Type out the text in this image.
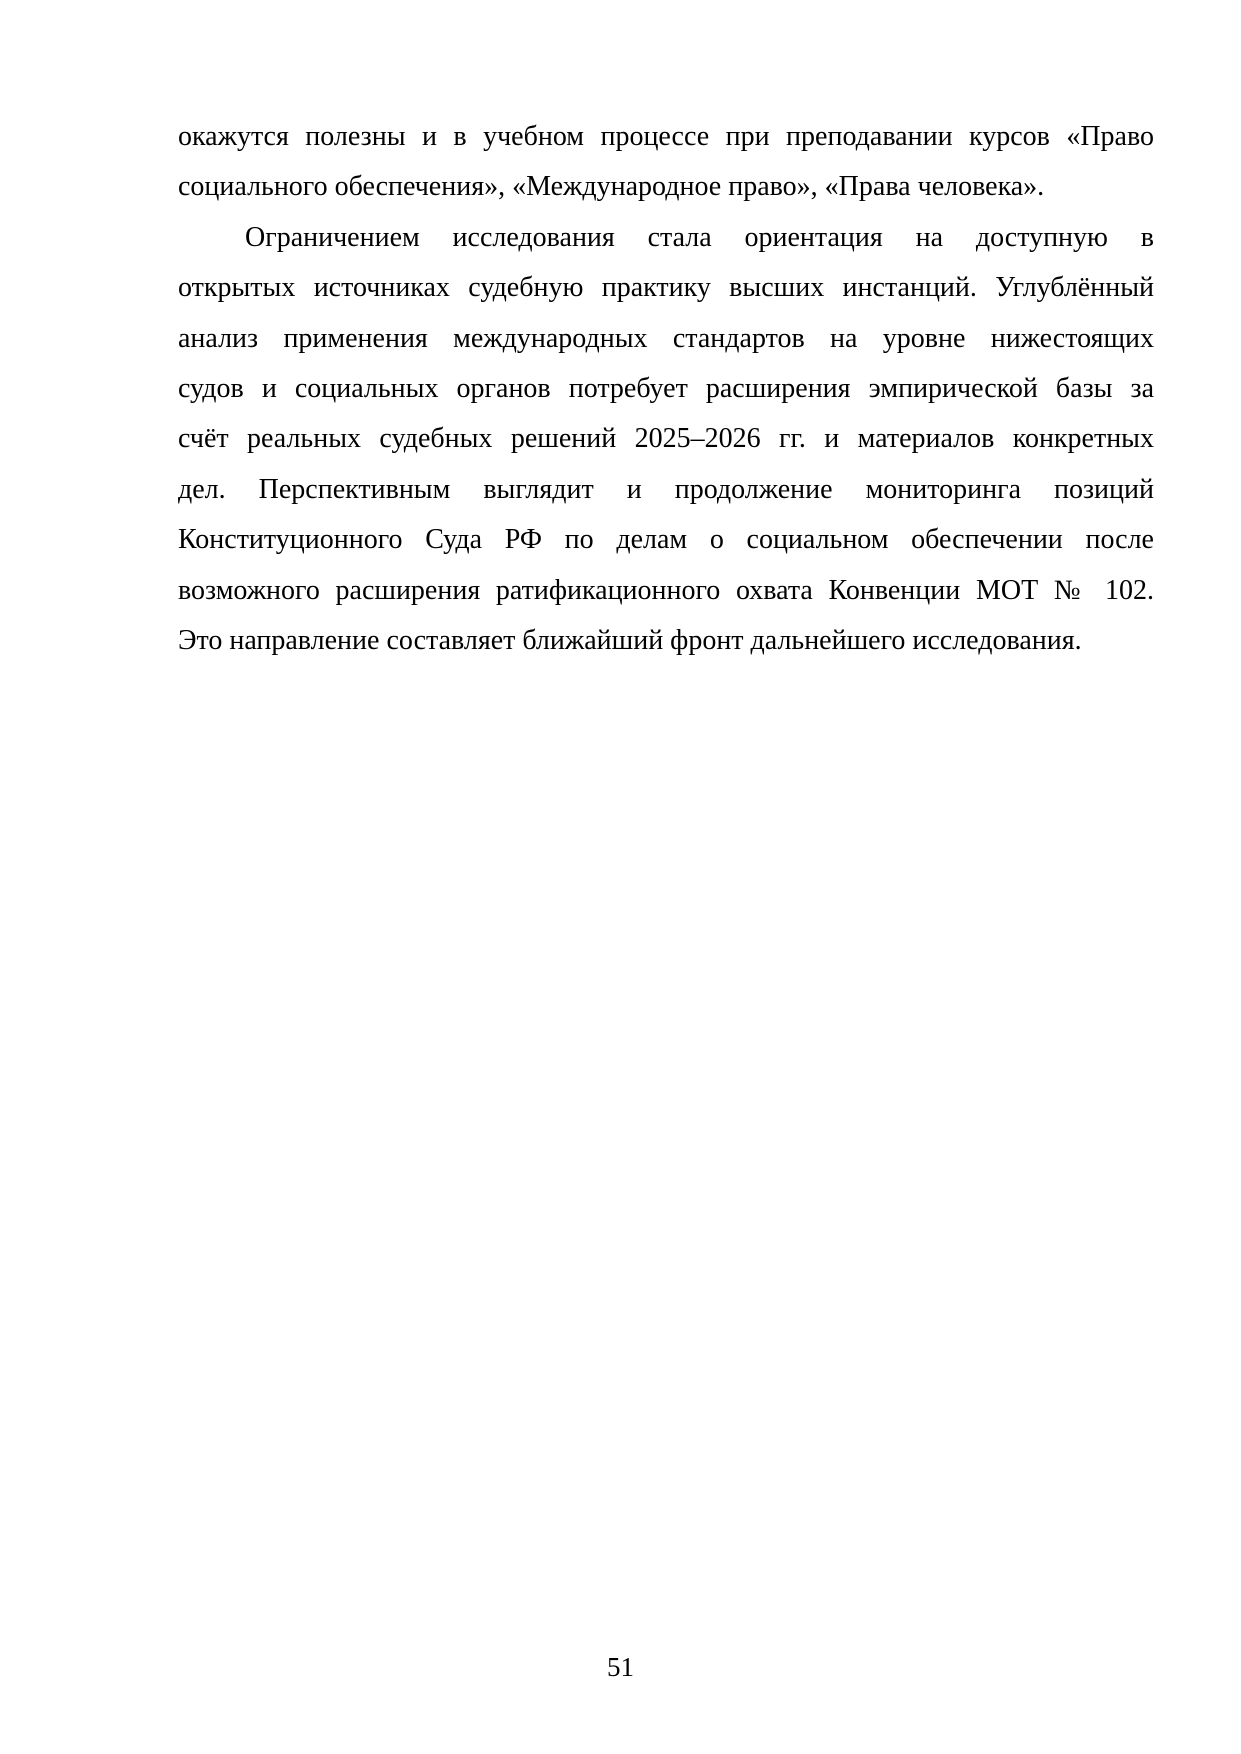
окажутся полезны и в учебном процессе при преподавании курсов «Право
социального обеспечения», «Международное право», «Права человека».

Ограничением исследования стала ориентация на доступную в
открытых источниках судебную практику высших инстанций. Углублённый
анализ применения международных стандартов на уровне нижестоящих
судов и социальных органов потребует расширения эмпирической базы за
счёт реальных судебных решений 2025–2026 гг. и материалов конкретных
дел. Перспективным выглядит и продолжение мониторинга позиций
Конституционного Суда РФ по делам о социальном обеспечении после
возможного расширения ратификационного охвата Конвенции МОТ № 102.
Это направление составляет ближайший фронт дальнейшего исследования.

51
